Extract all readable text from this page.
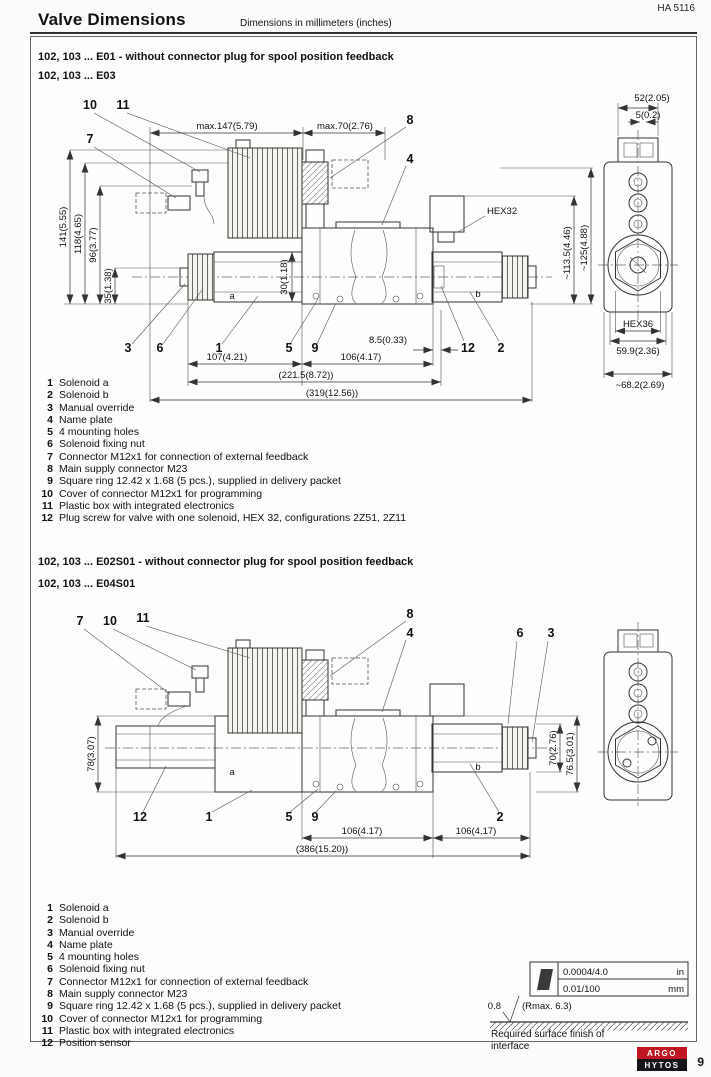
HA 5116
Valve Dimensions	Dimensions in millimeters (inches)
102, 103 ... E01 - without connector plug for spool position feedback
102, 103 ... E03
a	b
10 11
7
8
4
3 6	1	5 9	12 2
max.147(5.79)	max.70(2.76)
141(5.55) 118(4.65) 96(3.77)
35(1.38)	30(1.18)	~113.5(4.46) ~125(4.88)
HEX32
8.5(0.33)
107(4.21)	106(4.17)
(221.5(8.72))
(319(12.56))
52(2.05)
5(0.2)
HEX36
59.9(2.36)
~68.2(2.69)
1 Solenoid a
2 Solenoid b
3 Manual override
4 Name plate
5 4 mounting holes
6 Solenoid fixing nut
7 Connector M12x1 for connection of external feedback
8 Main supply connector M23
9 Square ring 12.42 x 1.68 (5 pcs.), supplied in delivery packet
10 Cover of connector M12x1 for programming
11 Plastic box with integrated electronics
12 Plug screw for valve with one solenoid, HEX 32, configurations 2Z51, 2Z11
102, 103 ... E02S01 - without connector plug for spool position feedback
102, 103 ... E04S01
a	b
7 10 11	8
4	6 3
12	1	5 9	2
78(3.07)	70(2.76) 76.5(3.01)
106(4.17)	106(4.17)
(386(15.20))
1 Solenoid a
2 Solenoid b
3 Manual override
4 Name plate
5 4 mounting holes
6 Solenoid fixing nut
7 Connector M12x1 for connection of external feedback
8 Main supply connector M23
9 Square ring 12.42 x 1.68 (5 pcs.), supplied in delivery packet
10 Cover of connector M12x1 for programming
11 Plastic box with integrated electronics
12 Position sensor
0.0004/4.0	in
0.01/100	mm
0.8 (Rmax. 6.3)
Required surface finish of
interface
ARGO
HYTOS	9
